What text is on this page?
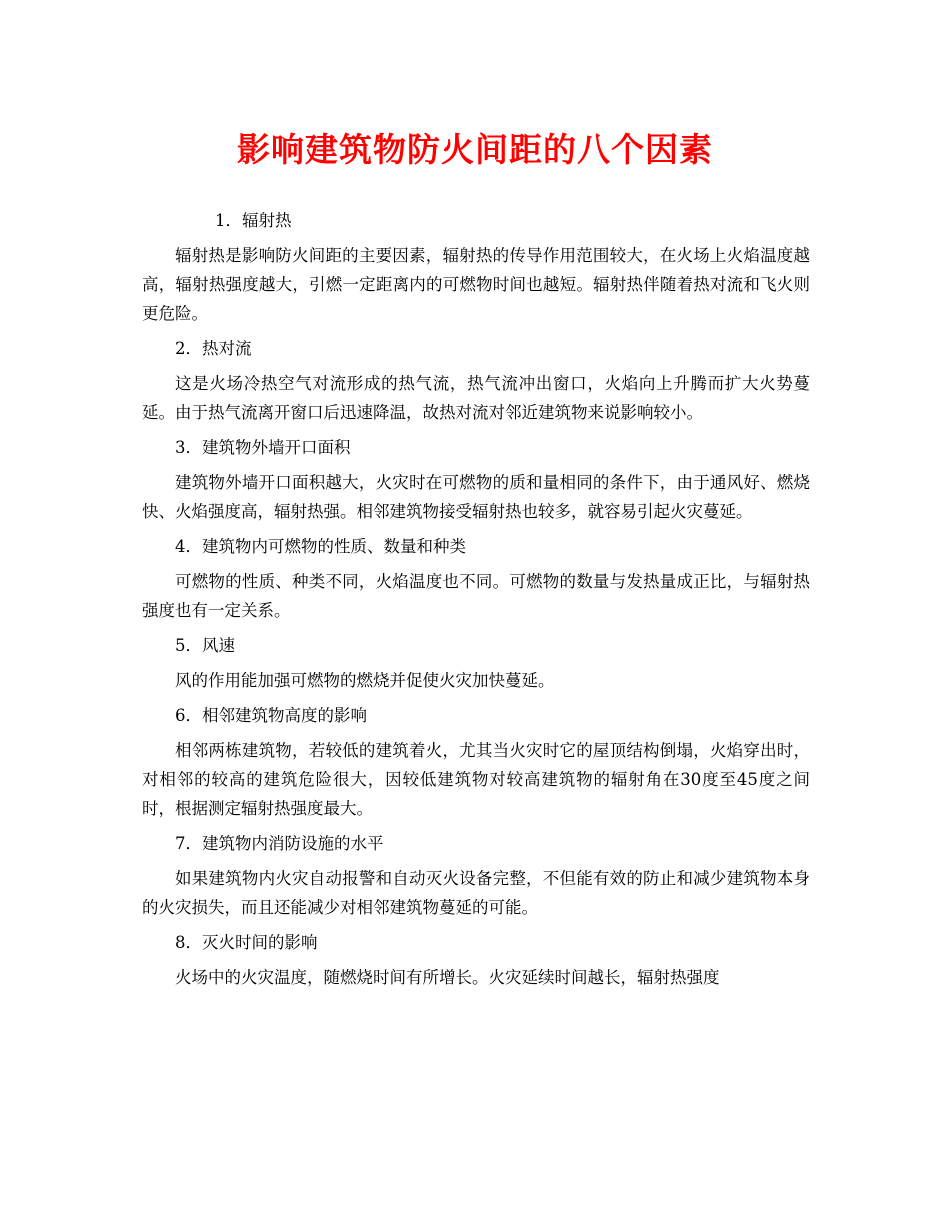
影响建筑物防火间距的八个因素
1．辐射热
辐射热是影响防火间距的主要因素，辐射热的传导作用范围较大，在火场上火焰温度越高，辐射热强度越大，引燃一定距离内的可燃物时间也越短。辐射热伴随着热对流和飞火则更危险。
2．热对流
这是火场冷热空气对流形成的热气流，热气流冲出窗口，火焰向上升腾而扩大火势蔓延。由于热气流离开窗口后迅速降温，故热对流对邻近建筑物来说影响较小。
3．建筑物外墙开口面积
建筑物外墙开口面积越大，火灾时在可燃物的质和量相同的条件下，由于通风好、燃烧快、火焰强度高，辐射热强。相邻建筑物接受辐射热也较多，就容易引起火灾蔓延。
4．建筑物内可燃物的性质、数量和种类
可燃物的性质、种类不同，火焰温度也不同。可燃物的数量与发热量成正比，与辐射热强度也有一定关系。
5．风速
风的作用能加强可燃物的燃烧并促使火灾加快蔓延。
6．相邻建筑物高度的影响
相邻两栋建筑物，若较低的建筑着火，尤其当火灾时它的屋顶结构倒塌，火焰穿出时，对相邻的较高的建筑危险很大，因较低建筑物对较高建筑物的辐射角在30度至45度之间时，根据测定辐射热强度最大。
7．建筑物内消防设施的水平
如果建筑物内火灾自动报警和自动灭火设备完整，不但能有效的防止和减少建筑物本身的火灾损失，而且还能减少对相邻建筑物蔓延的可能。
8．灭火时间的影响
火场中的火灾温度，随燃烧时间有所增长。火灾延续时间越长，辐射热强度
